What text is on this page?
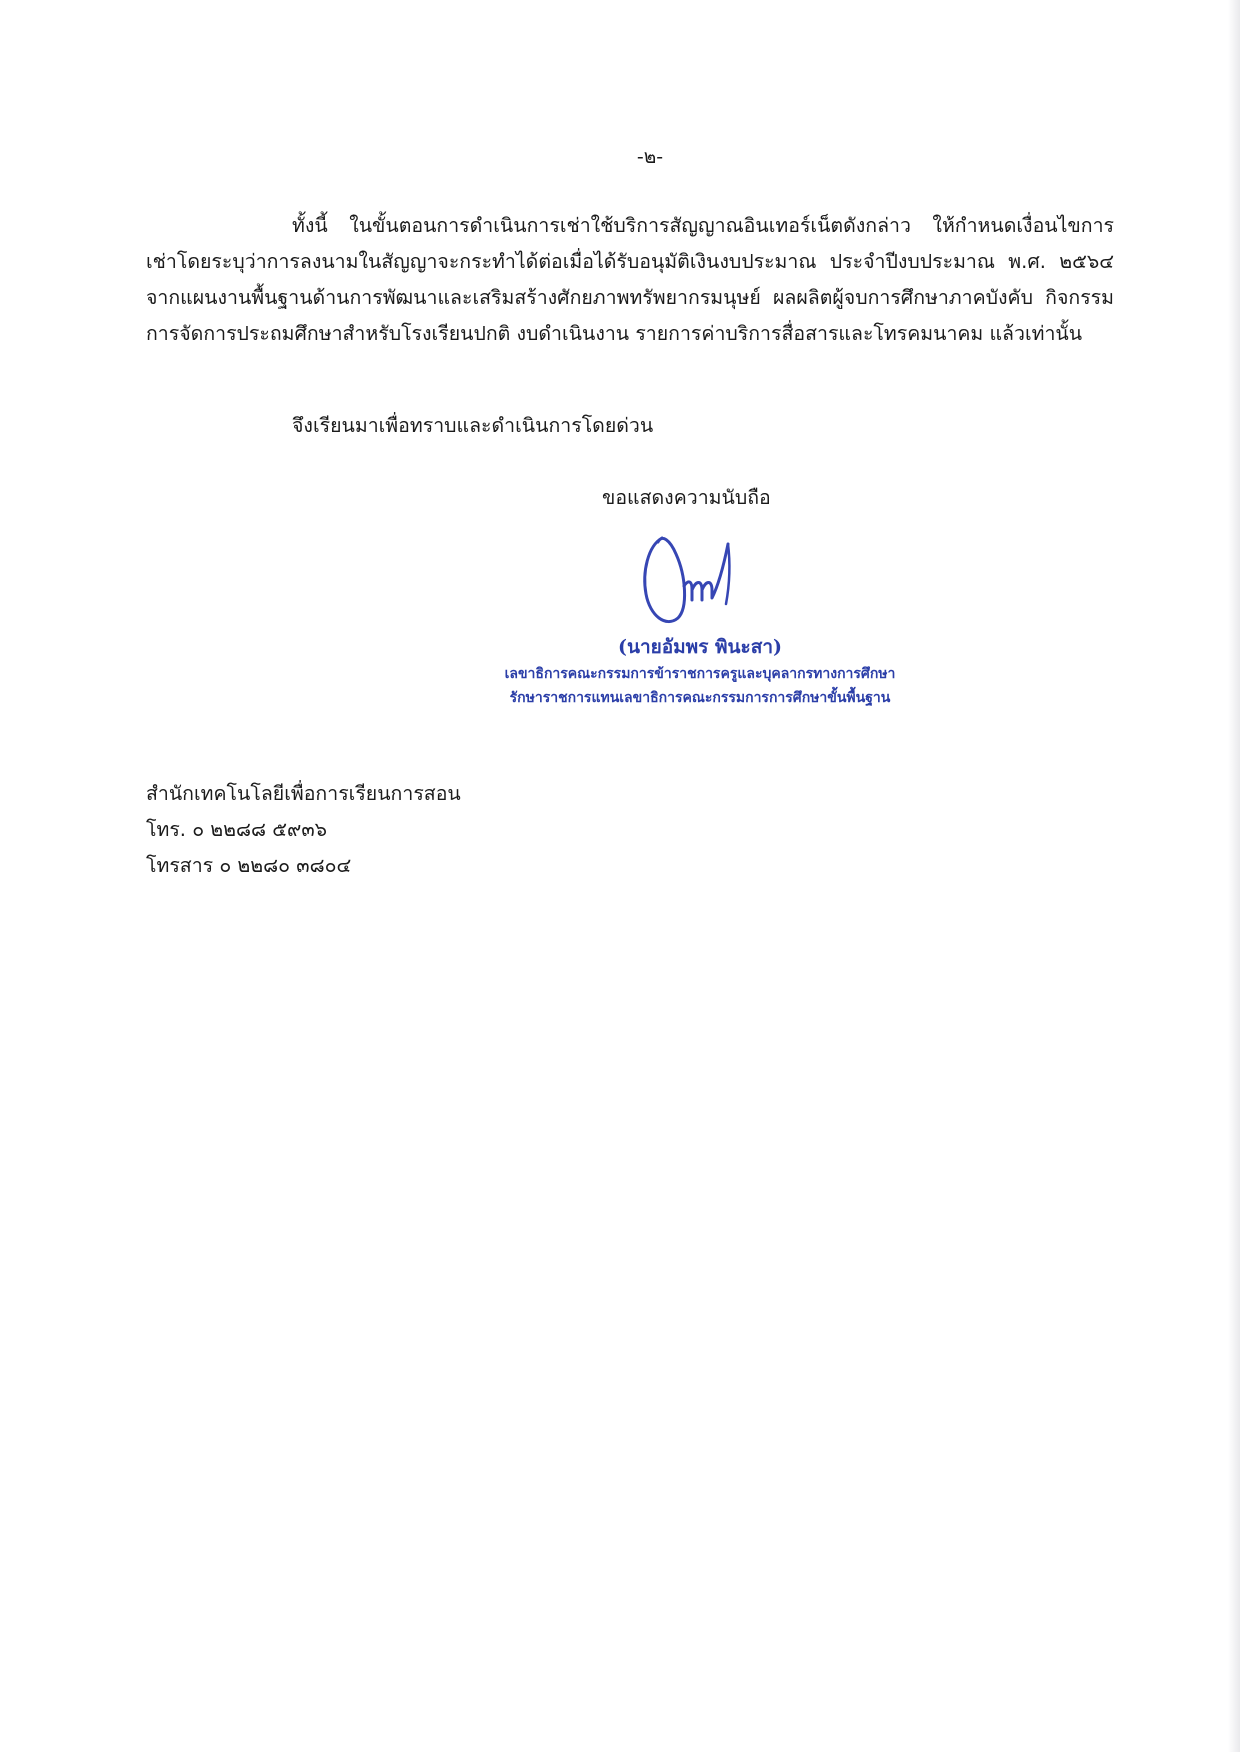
-๒-

ทั้งนี้ ในขั้นตอนการดำเนินการเช่าใช้บริการสัญญาณอินเทอร์เน็ตดังกล่าว ให้กำหนดเงื่อนไขการเช่าโดยระบุว่าการลงนามในสัญญาจะกระทำได้ต่อเมื่อได้รับอนุมัติเงินงบประมาณ ประจำปีงบประมาณ พ.ศ. ๒๕๖๔ จากแผนงานพื้นฐานด้านการพัฒนาและเสริมสร้างศักยภาพทรัพยากรมนุษย์ ผลผลิตผู้จบการศึกษาภาคบังคับ กิจกรรมการจัดการประถมศึกษาสำหรับโรงเรียนปกติ งบดำเนินงาน รายการค่าบริการสื่อสารและโทรคมนาคม แล้วเท่านั้น

จึงเรียนมาเพื่อทราบและดำเนินการโดยด่วน

ขอแสดงความนับถือ
(นายอัมพร พินะสา)
เลขาธิการคณะกรรมการข้าราชการครูและบุคลากรทางการศึกษา
รักษาราชการแทนเลขาธิการคณะกรรมการการศึกษาขั้นพื้นฐาน
สำนักเทคโนโลยีเพื่อการเรียนการสอน
โทร. ๐ ๒๒๘๘ ๕๙๓๖
โทรสาร ๐ ๒๒๘๐ ๓๘๐๔
